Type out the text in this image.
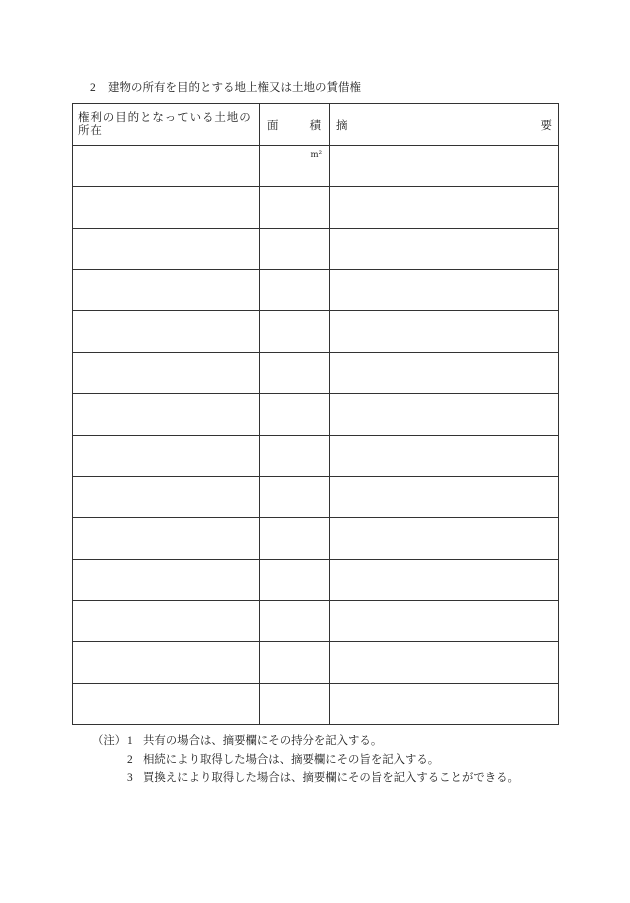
2 建物の所有を目的とする地上権又は土地の賃借権
権利の目的となっている土地の
所在	面 積	摘 要

	m²	

（注） 1 共有の場合は、摘要欄にその持分を記入する。
2 相続により取得した場合は、摘要欄にその旨を記入する。
3 買換えにより取得した場合は、摘要欄にその旨を記入することができる。
